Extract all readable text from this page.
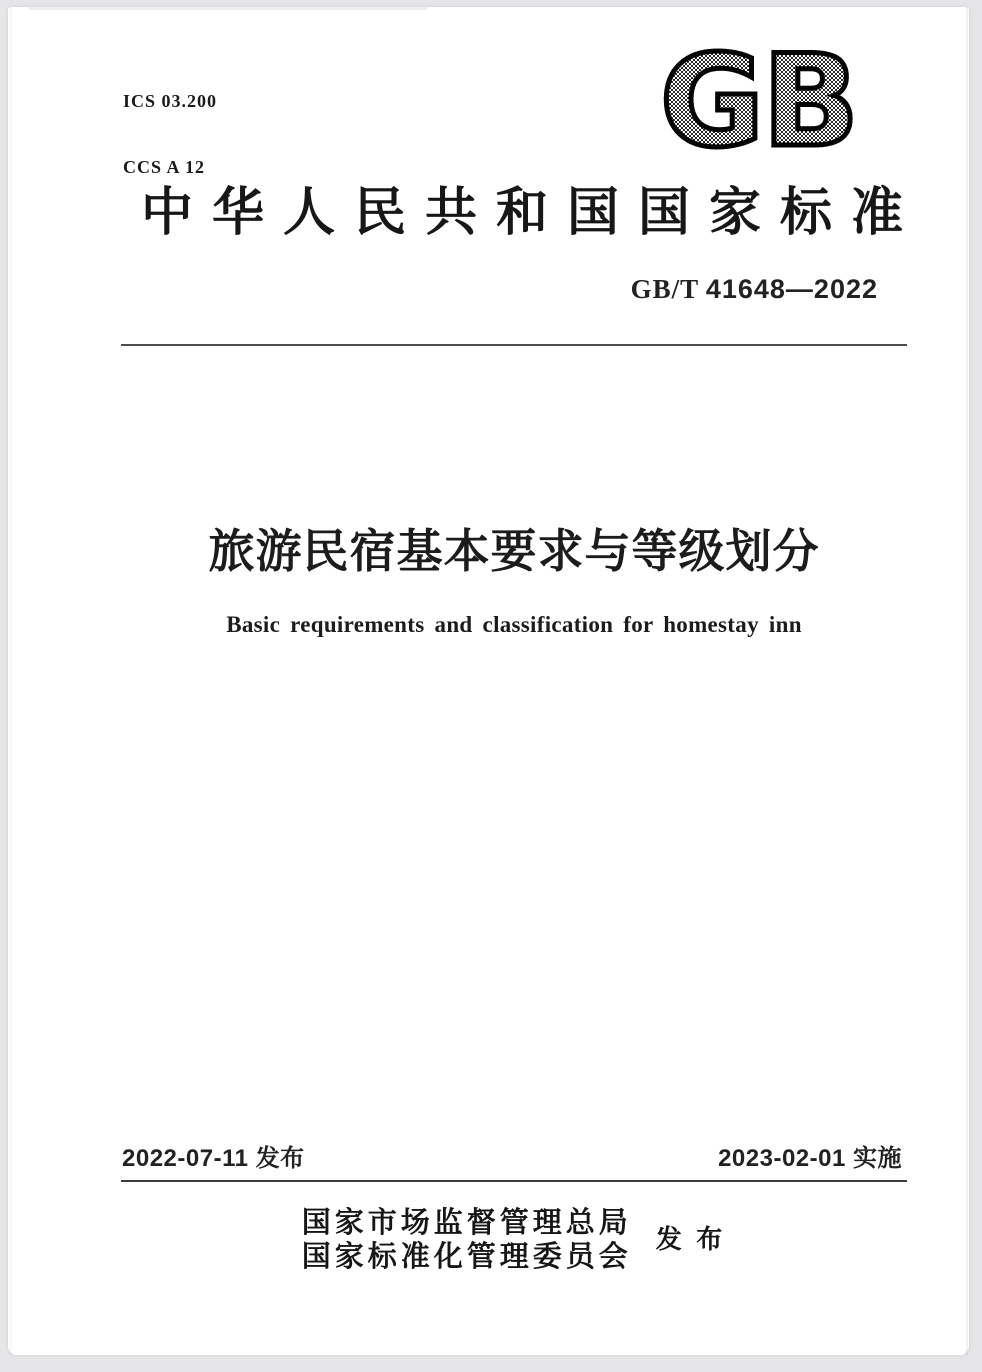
ICS 03.200

CCS A 12	GB
中华人民共和国国家标准
GB/T 41648—2022
旅游民宿基本要求与等级划分
Basic requirements and classification for homestay inn
2022-07-11 发布	2023-02-01 实施
国家市场监督管理总局
国家标准化管理委员会
发 布
